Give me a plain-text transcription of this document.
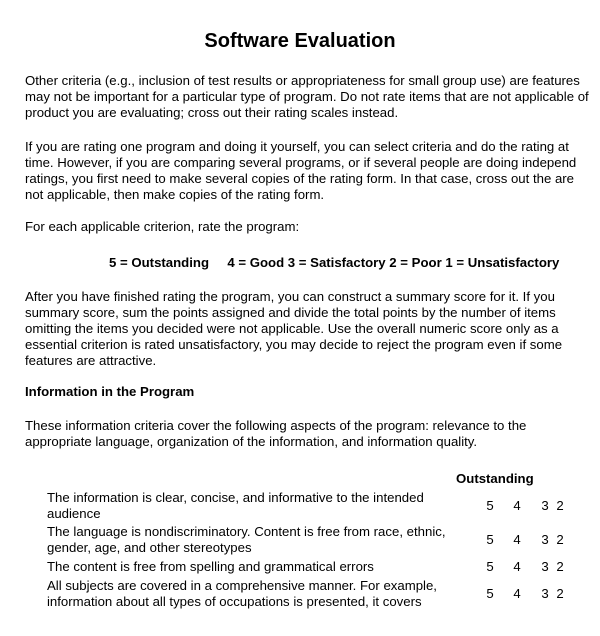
Software Evaluation

Other criteria (e.g., inclusion of test results or appropriateness for small group use) are features may not be important for a particular type of program. Do not rate items that are not applicable of product you are evaluating; cross out their rating scales instead.

If you are rating one program and doing it yourself, you can select criteria and do the rating at time. However, if you are comparing several programs, or if several people are doing independ ratings, you first need to make several copies of the rating form. In that case, cross out the are not applicable, then make copies of the rating form.

For each applicable criterion, rate the program:

5 = Outstanding     4 = Good 3 = Satisfactory 2 = Poor 1 = Unsatisfactory

After you have finished rating the program, you can construct a summary score for it. If you summary score, sum the points assigned and divide the total points by the number of items omitting the items you decided were not applicable. Use the overall numeric score only as a essential criterion is rated unsatisfactory, you may decide to reject the program even if some features are attractive.

Information in the Program

These information criteria cover the following aspects of the program: relevance to the appropriate language, organization of the information, and information quality.

Outstanding
The information is clear, concise, and informative to the intended audience
5 4 3 2
The language is nondiscriminatory. Content is free from race, ethnic, gender, age, and other stereotypes
5 4 3 2
The content is free from spelling and grammatical errors	5 4 3 2
All subjects are covered in a comprehensive manner. For example, information about all types of occupations is presented, it covers
5 4 3 2
